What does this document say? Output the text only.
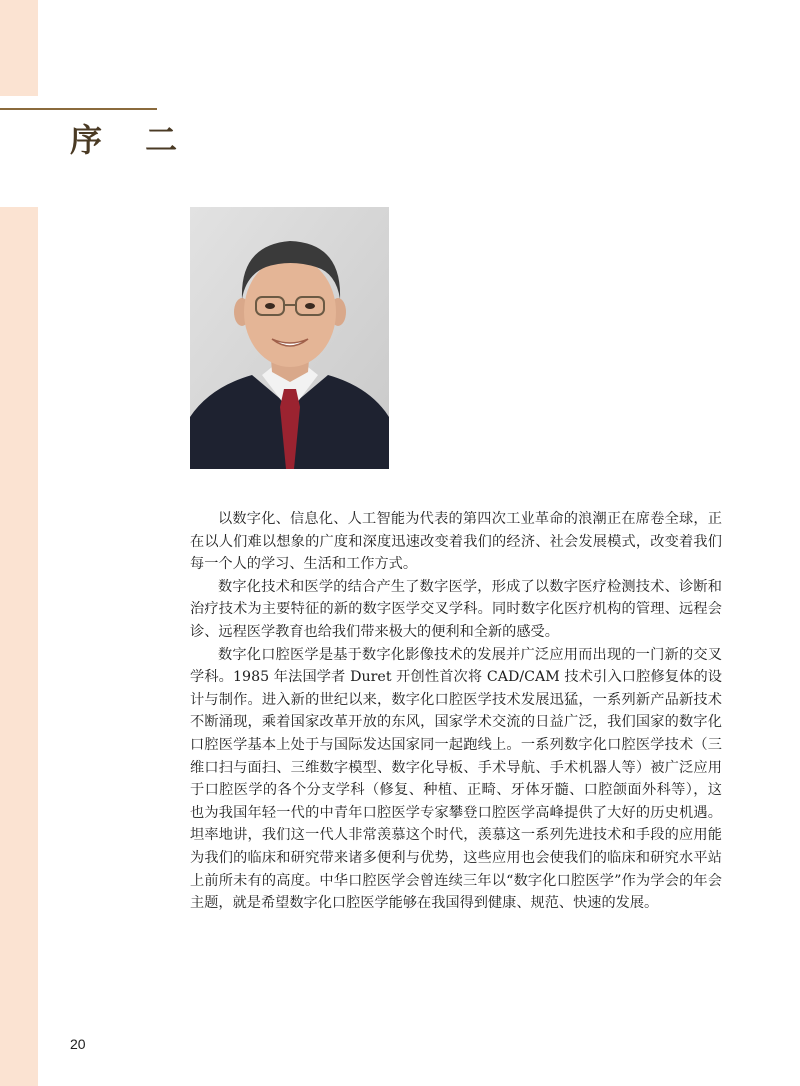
序 二

以数字化、信息化、人工智能为代表的第四次工业革命的浪潮正在席卷全球，正在以人们难以想象的广度和深度迅速改变着我们的经济、社会发展模式，改变着我们每一个人的学习、生活和工作方式。

数字化技术和医学的结合产生了数字医学，形成了以数字医疗检测技术、诊断和治疗技术为主要特征的新的数字医学交叉学科。同时数字化医疗机构的管理、远程会诊、远程医学教育也给我们带来极大的便利和全新的感受。

数字化口腔医学是基于数字化影像技术的发展并广泛应用而出现的一门新的交叉学科。1985 年法国学者 Duret 开创性首次将 CAD/CAM 技术引入口腔修复体的设计与制作。进入新的世纪以来，数字化口腔医学技术发展迅猛，一系列新产品新技术不断涌现，乘着国家改革开放的东风，国家学术交流的日益广泛，我们国家的数字化口腔医学基本上处于与国际发达国家同一起跑线上。一系列数字化口腔医学技术（三维口扫与面扫、三维数字模型、数字化导板、手术导航、手术机器人等）被广泛应用于口腔医学的各个分支学科（修复、种植、正畸、牙体牙髓、口腔颌面外科等），这也为我国年轻一代的中青年口腔医学专家攀登口腔医学高峰提供了大好的历史机遇。坦率地讲，我们这一代人非常羡慕这个时代，羡慕这一系列先进技术和手段的应用能为我们的临床和研究带来诸多便利与优势，这些应用也会使我们的临床和研究水平站上前所未有的高度。中华口腔医学会曾连续三年以“数字化口腔医学”作为学会的年会主题，就是希望数字化口腔医学能够在我国得到健康、规范、快速的发展。

20
